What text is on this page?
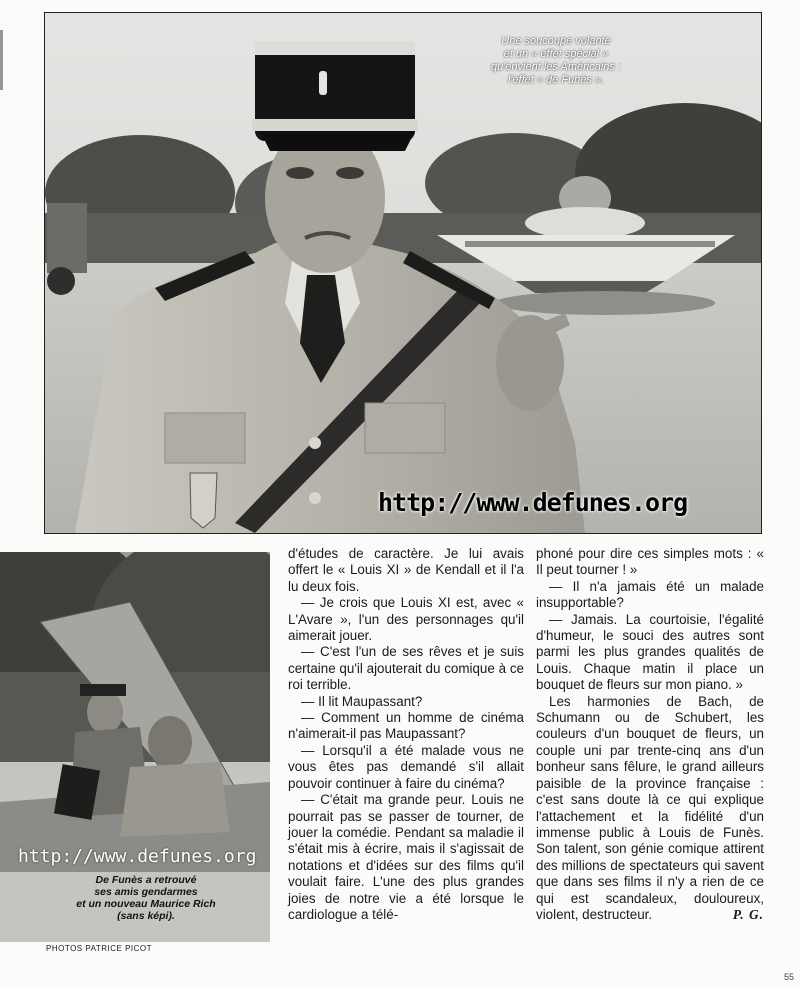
Une soucoupe volante
et un « effet spécial »
qu'envient les Américains :
l'effet « de Funès ».
http://www.defunes.org
http://www.defunes.org
De Funès a retrouvé
ses amis gendarmes
et un nouveau Maurice Rich
(sans képi).
PHOTOS PATRICE PICOT

d'études de caractère. Je lui avais offert le « Louis XI » de Kendall et il l'a lu deux fois.

— Je crois que Louis XI est, avec « L'Avare », l'un des personnages qu'il aimerait jouer.

— C'est l'un de ses rêves et je suis certaine qu'il ajouterait du comique à ce roi terrible.

— Il lit Maupassant?

— Comment un homme de cinéma n'aimerait-il pas Maupassant?

— Lorsqu'il a été malade vous ne vous êtes pas demandé s'il allait pouvoir continuer à faire du cinéma?

— C'était ma grande peur. Louis ne pourrait pas se passer de tourner, de jouer la comédie. Pendant sa maladie il s'était mis à écrire, mais il s'agissait de notations et d'idées sur des films qu'il voulait faire. L'une des plus grandes joies de notre vie a été lorsque le cardiologue a télé-

phoné pour dire ces simples mots : « Il peut tourner ! »

— Il n'a jamais été un malade insupportable?

— Jamais. La courtoisie, l'égalité d'humeur, le souci des autres sont parmi les plus grandes qualités de Louis. Chaque matin il place un bouquet de fleurs sur mon piano. »

Les harmonies de Bach, de Schumann ou de Schubert, les couleurs d'un bouquet de fleurs, un couple uni par trente-cinq ans d'un bonheur sans fêlure, le grand ailleurs paisible de la province française : c'est sans doute là ce qui explique l'attachement et la fidélité d'un immense public à Louis de Funès. Son talent, son génie comique attirent des millions de spectateurs qui savent que dans ses films il n'y a rien de ce qui est scandaleux, douloureux, violent, destructeur.	P. G.

55
